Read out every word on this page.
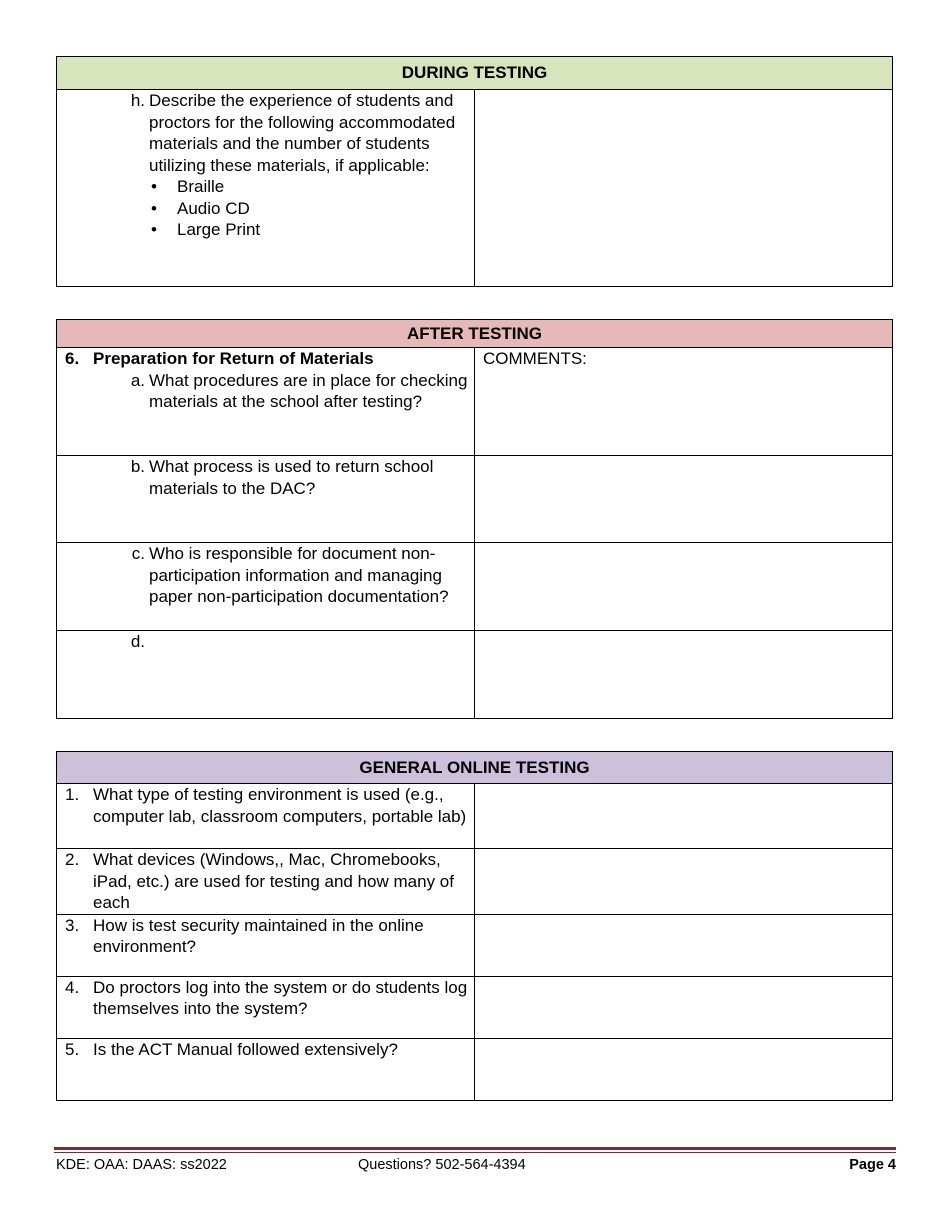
DURING TESTING

h. Describe the experience of students and proctors for the following accommodated materials and the number of students utilizing these materials, if applicable:
• Braille
• Audio CD
• Large Print

AFTER TESTING	

6. Preparation for Return of Materials
a. What procedures are in place for checking materials at the school after testing?	COMMENTS:

b. What process is used to return school materials to the DAC?	

c. Who is responsible for document non-participation information and managing paper non-participation documentation?	

d.	

GENERAL ONLINE TESTING	

1. What type of testing environment is used (e.g., computer lab, classroom computers, portable lab)	

2. What devices (Windows,, Mac, Chromebooks, iPad, etc.) are used for testing and how many of each	

3. How is test security maintained in the online environment?	

4. Do proctors log into the system or do students log themselves into the system?	

5. Is the ACT Manual followed extensively?	

KDE: OAA: DAAS: ss2022	Questions? 502-564-4394	Page 4
